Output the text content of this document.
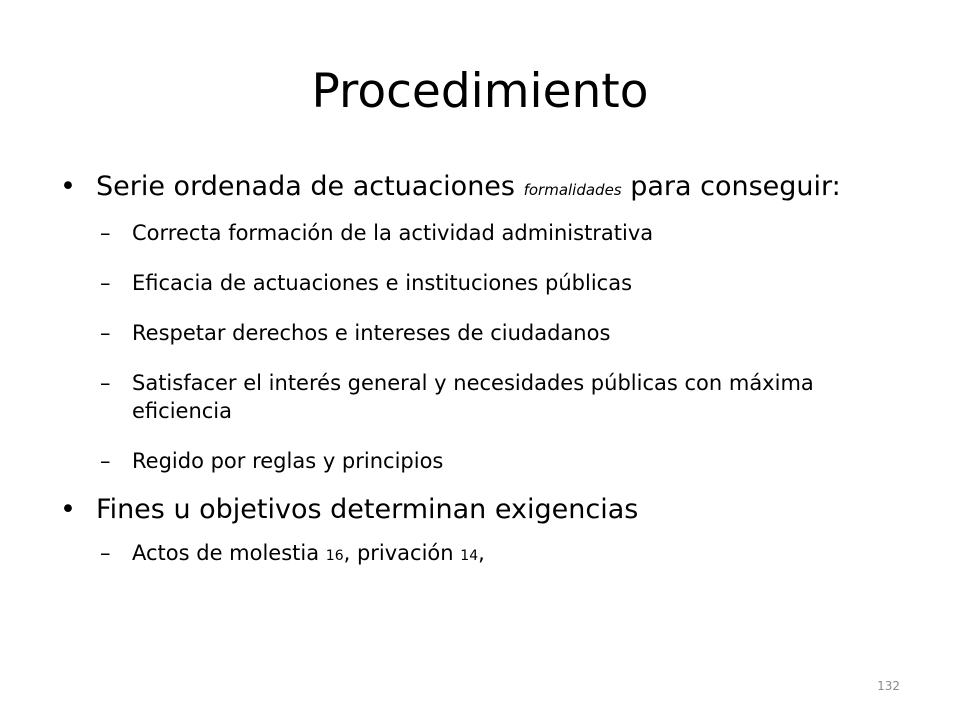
Procedimiento
• Serie ordenada de actuaciones formalidades para conseguir:
– Correcta formación de la actividad administrativa
– Eficacia de actuaciones e instituciones públicas
– Respetar derechos e intereses de ciudadanos
– Satisfacer el interés general y necesidades públicas con máxima eficiencia
– Regido por reglas y principios
• Fines u objetivos determinan exigencias
– Actos de molestia 16, privación 14,
132
